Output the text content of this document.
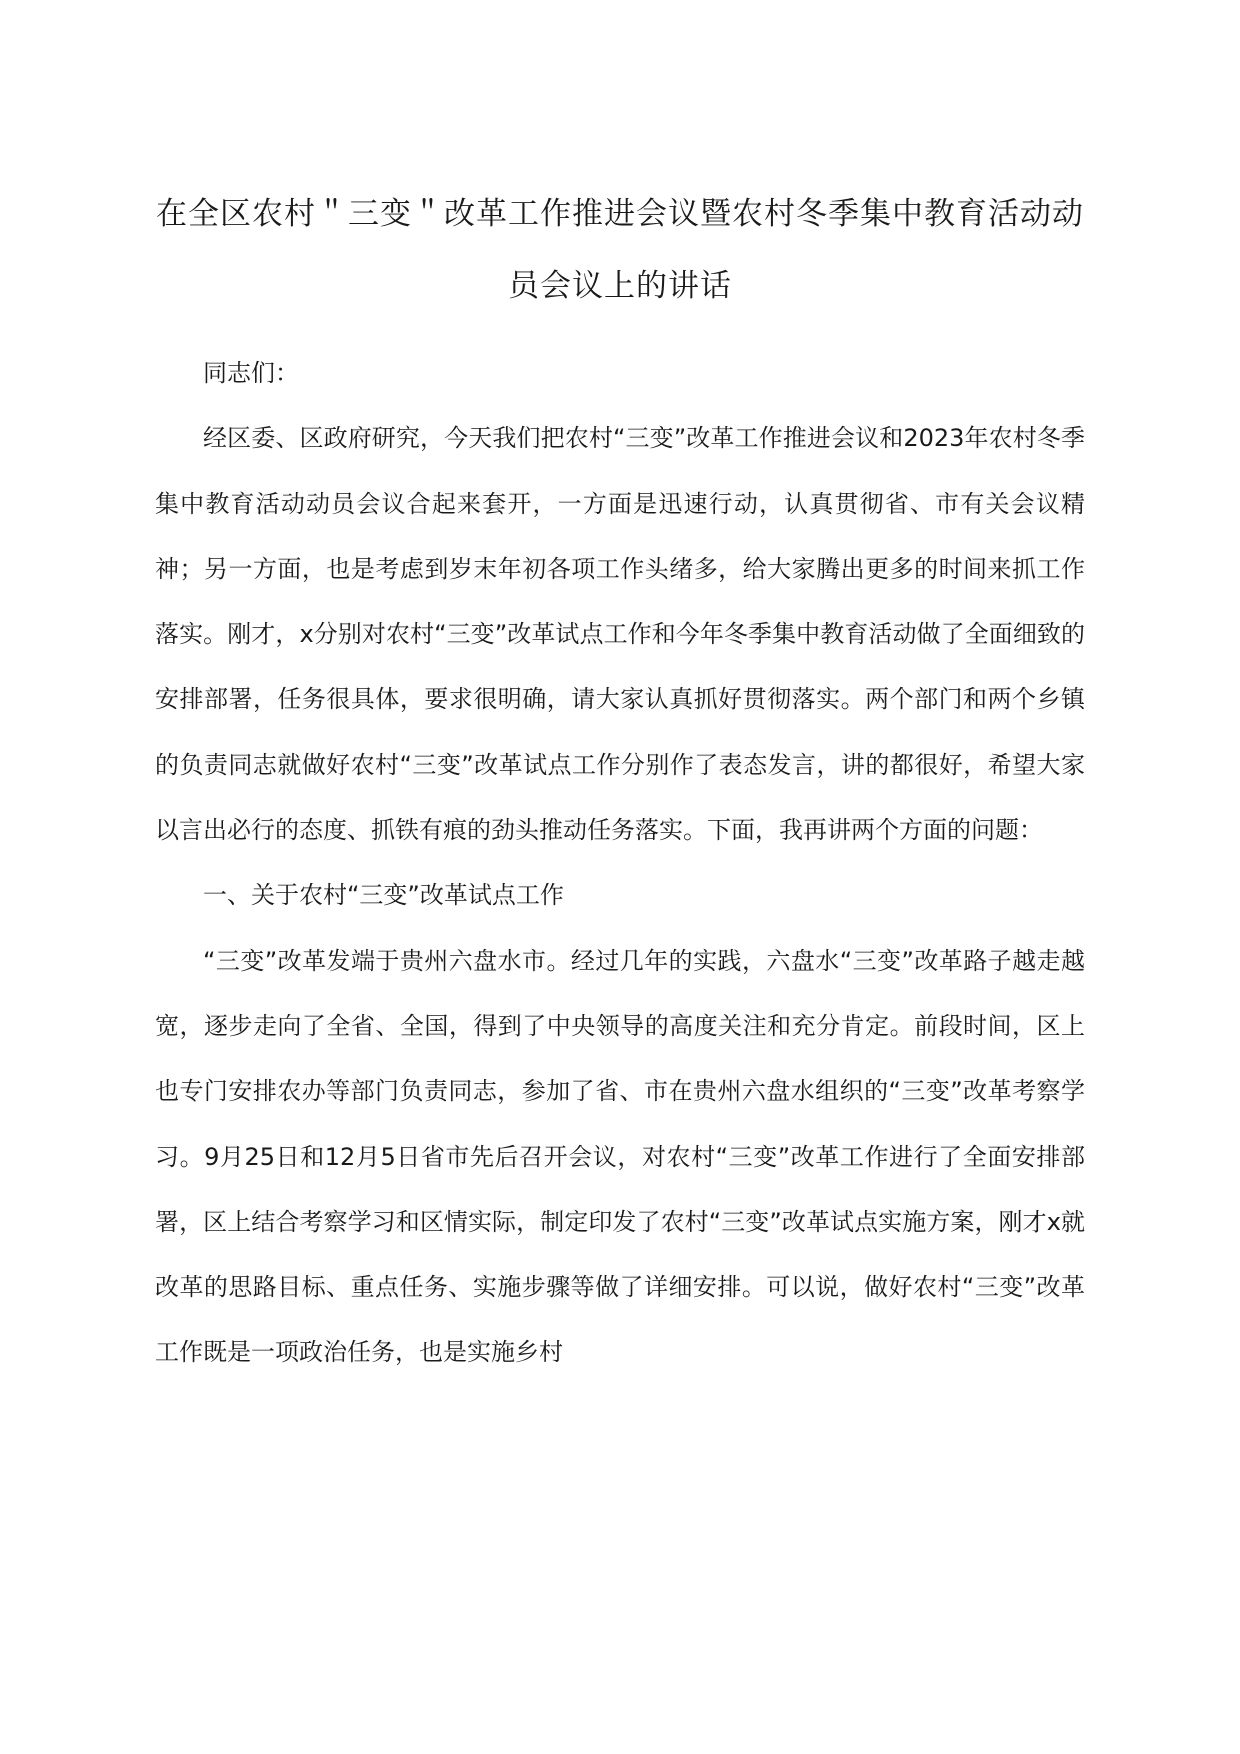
在全区农村＂三变＂改革工作推进会议暨农村冬季集中教育活动动
员会议上的讲话

同志们：

经区委、区政府研究，今天我们把农村“三变”改革工作推进会议和2023年农村冬季集中教育活动动员会议合起来套开，一方面是迅速行动，认真贯彻省、市有关会议精神；另一方面，也是考虑到岁末年初各项工作头绪多，给大家腾出更多的时间来抓工作落实。刚才，x分别对农村“三变”改革试点工作和今年冬季集中教育活动做了全面细致的安排部署，任务很具体，要求很明确，请大家认真抓好贯彻落实。两个部门和两个乡镇的负责同志就做好农村“三变”改革试点工作分别作了表态发言，讲的都很好，希望大家以言出必行的态度、抓铁有痕的劲头推动任务落实。下面，我再讲两个方面的问题：

一、关于农村“三变”改革试点工作

“三变”改革发端于贵州六盘水市。经过几年的实践，六盘水“三变”改革路子越走越宽，逐步走向了全省、全国，得到了中央领导的高度关注和充分肯定。前段时间，区上也专门安排农办等部门负责同志，参加了省、市在贵州六盘水组织的“三变”改革考察学习。9月25日和12月5日省市先后召开会议，对农村“三变”改革工作进行了全面安排部署，区上结合考察学习和区情实际，制定印发了农村“三变”改革试点实施方案，刚才x就改革的思路目标、重点任务、实施步骤等做了详细安排。可以说，做好农村“三变”改革工作既是一项政治任务，也是实施乡村
